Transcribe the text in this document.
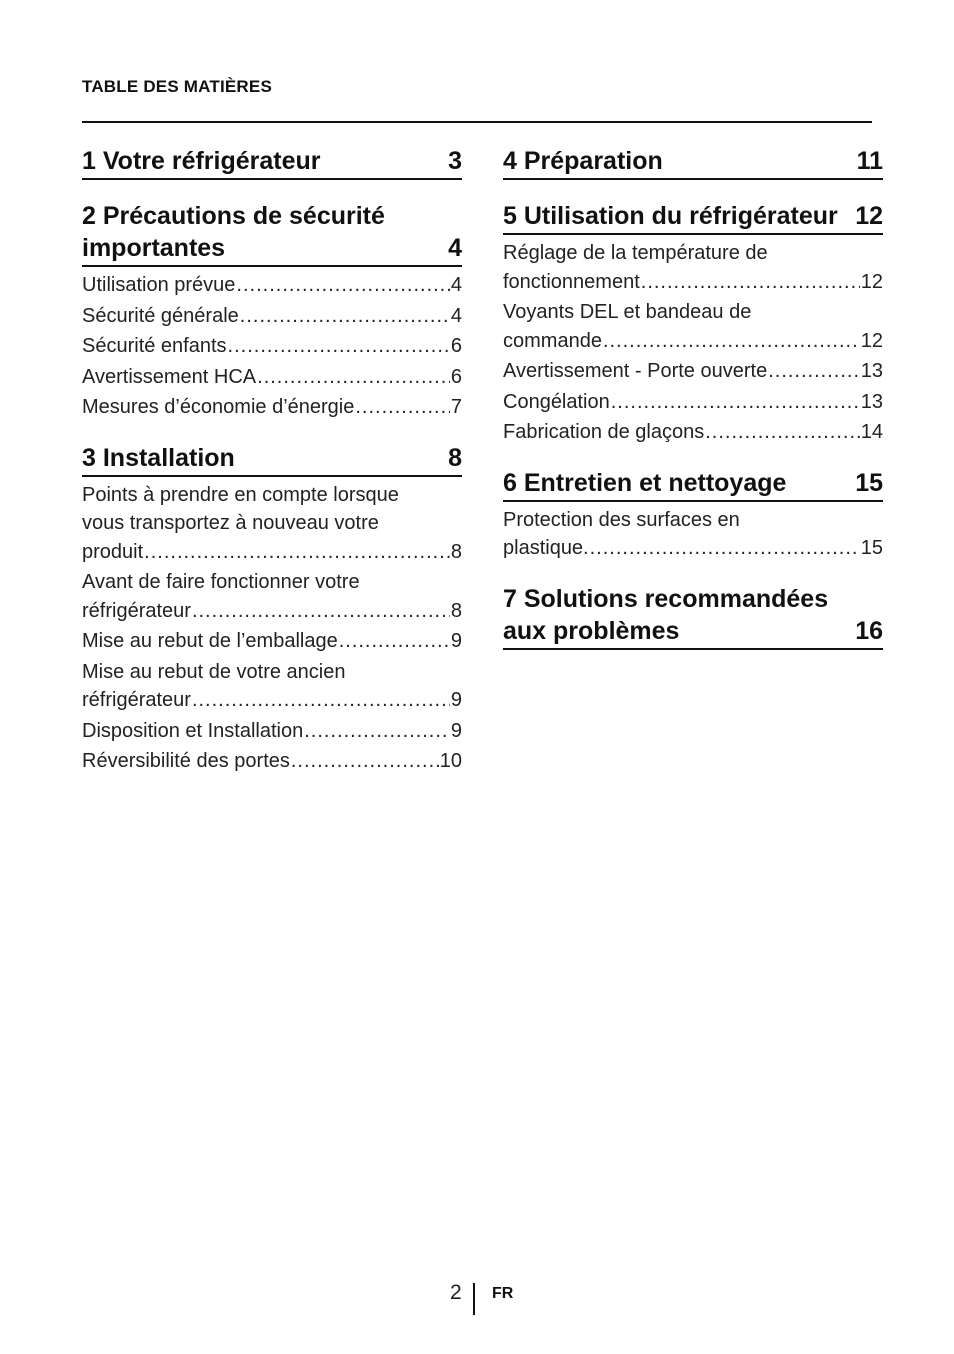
TABLE DES MATIÈRES
1 Votre réfrigérateur	3
2 Précautions de sécurité importantes	4
Utilisation prévue .....	4
Sécurité générale .....	4
Sécurité enfants .....	6
Avertissement HCA .....	6
Mesures d’économie d’énergie .....	7
3 Installation	8
Points à prendre en compte lorsque
vous transportez à nouveau votre
produit .....	8
Avant de faire fonctionner votre
réfrigérateur .....	8
Mise au rebut de l’emballage .....	9
Mise au rebut de votre ancien
réfrigérateur .....	9
Disposition et Installation .....	9
Réversibilité des portes .....	10
4 Préparation	11
5 Utilisation du réfrigérateur 12
Réglage de la température de
fonctionnement .....	12
Voyants DEL et bandeau de
commande .....	12
Avertissement - Porte ouverte .....	13
Congélation .....	13
Fabrication de glaçons .....	14
6 Entretien et nettoyage	15
Protection des surfaces en
plastique. .....	15
7 Solutions recommandées aux problèmes	16
2 FR
